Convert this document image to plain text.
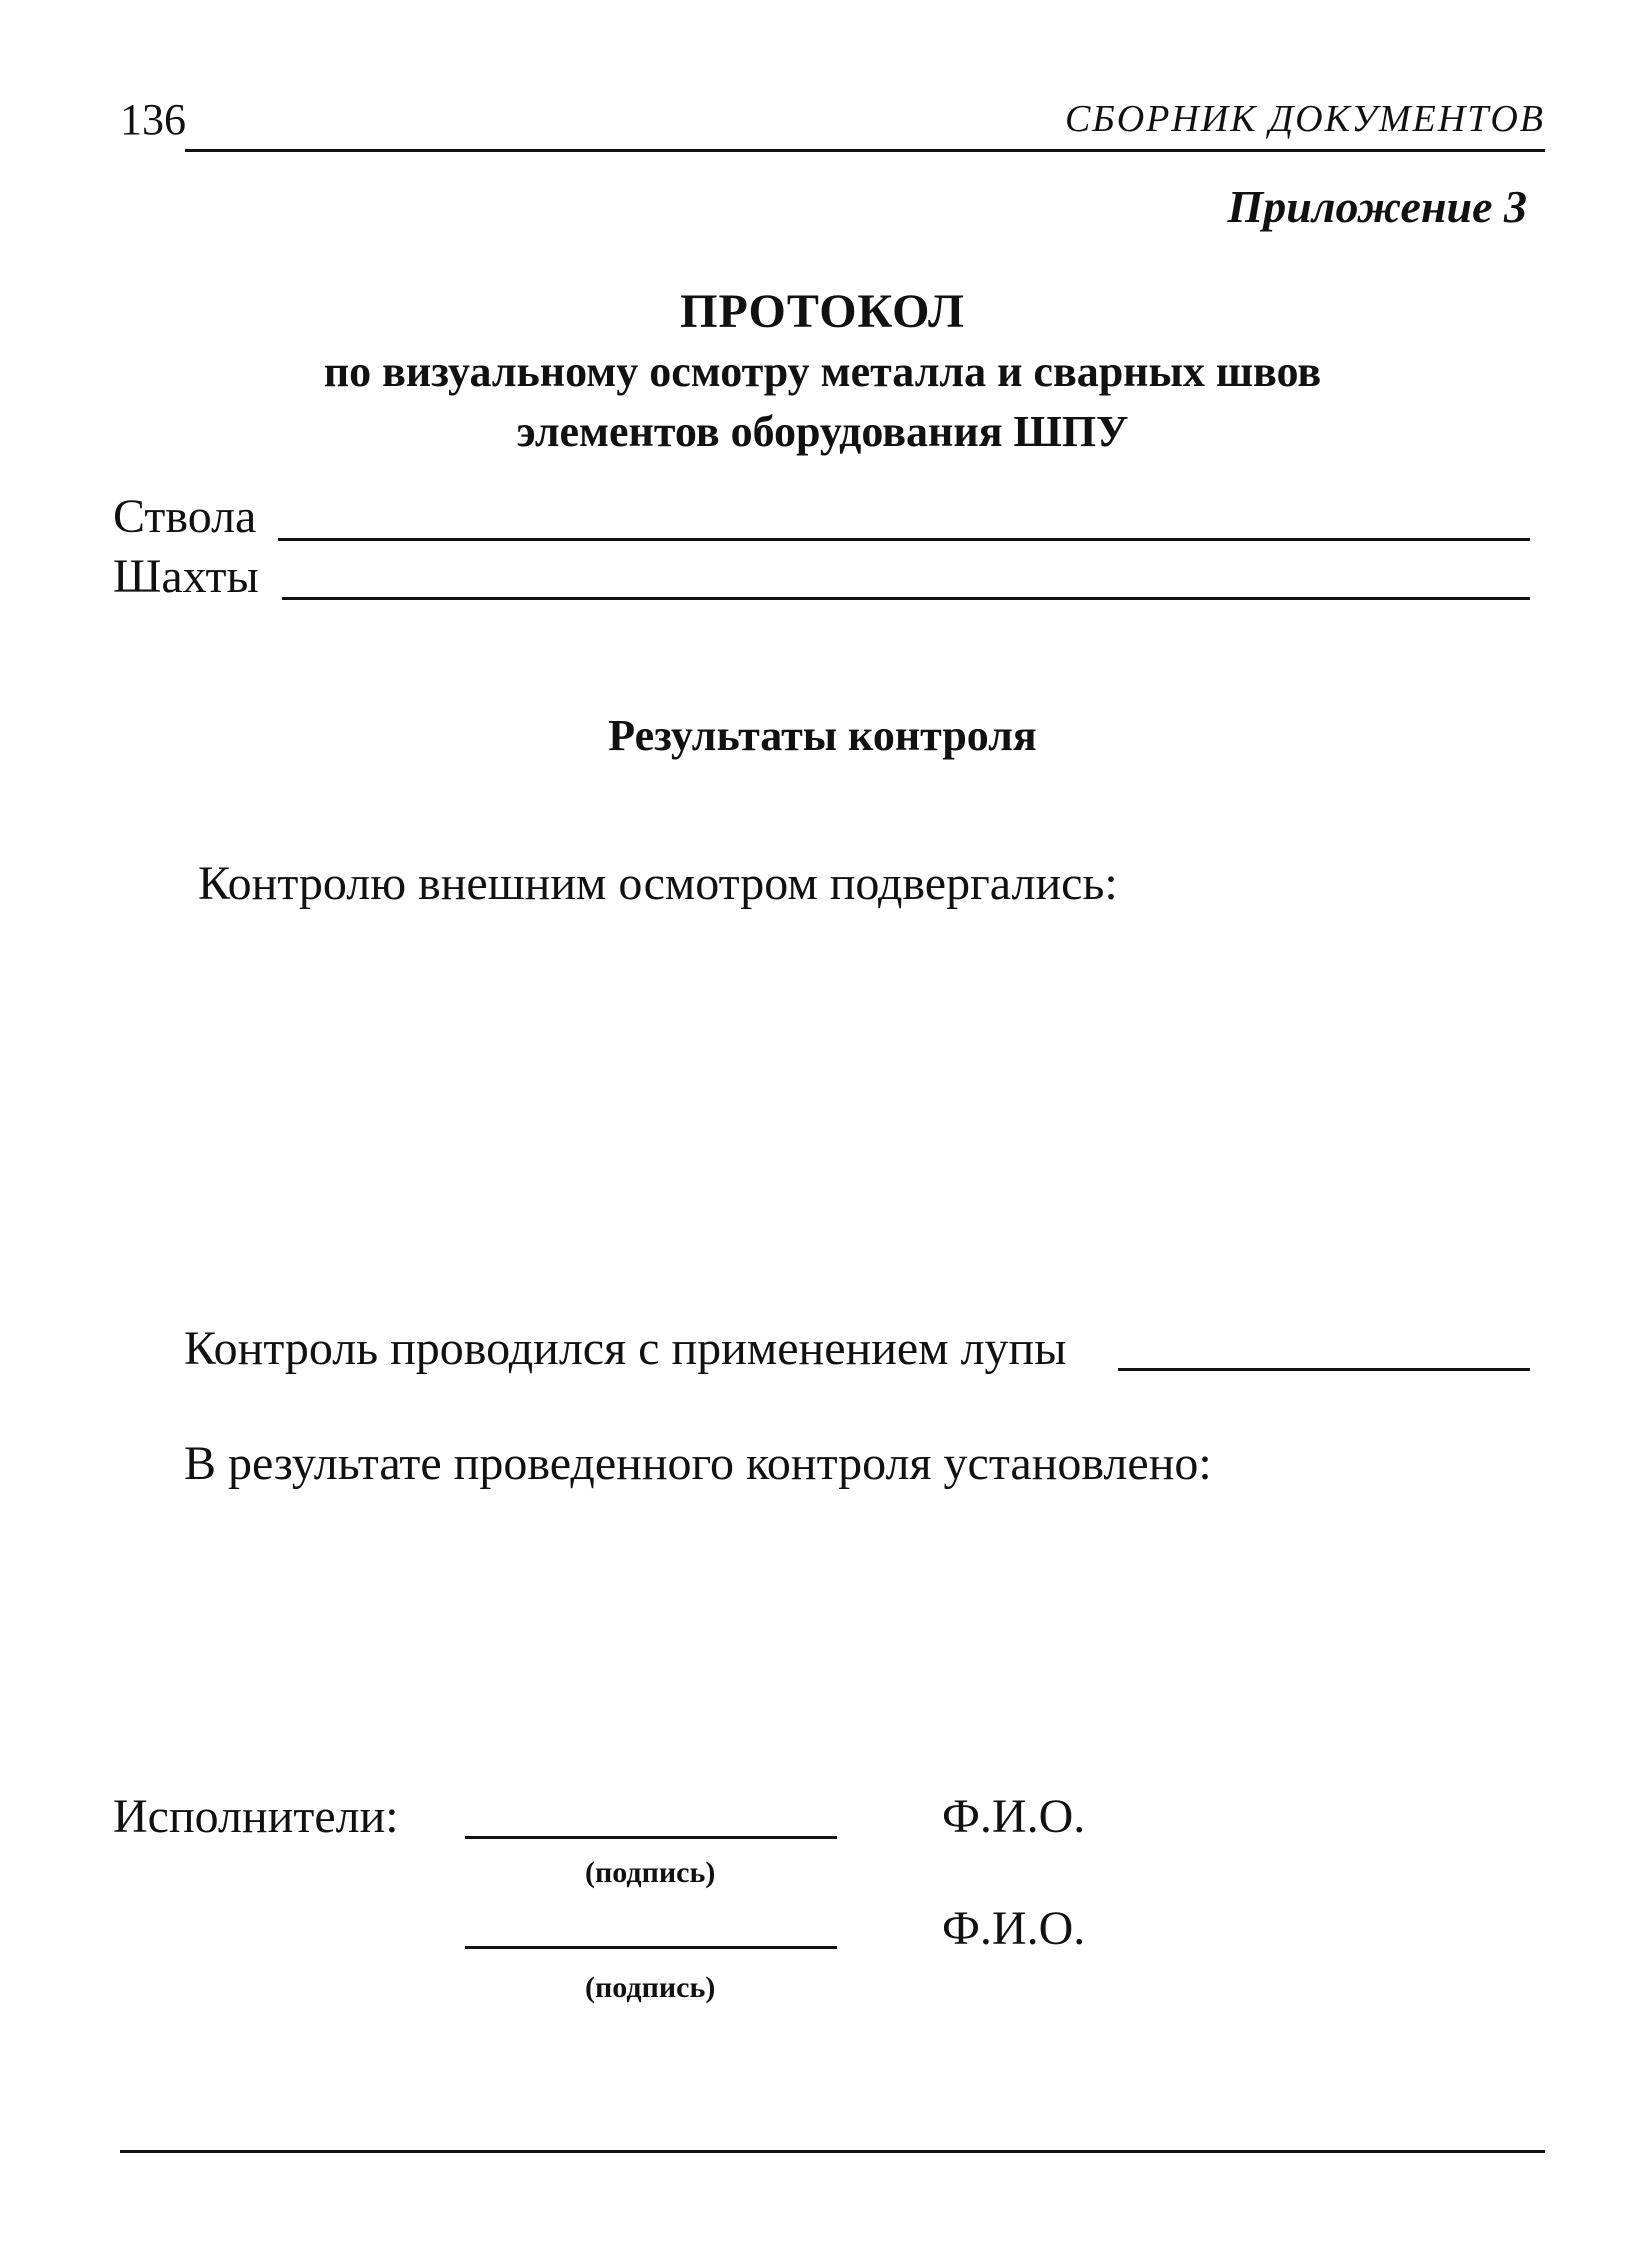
136	СБОРНИК ДОКУМЕНТОВ
Приложение 3
ПРОТОКОЛ
по визуальному осмотру металла и сварных швов
элементов оборудования ШПУ
Ствола
Шахты
Результаты контроля
Контролю внешним осмотром подвергались:
Контроль проводился с применением лупы
В результате проведенного контроля установлено:
Исполнители:
(подпись)
Ф.И.О.
(подпись)
Ф.И.О.
